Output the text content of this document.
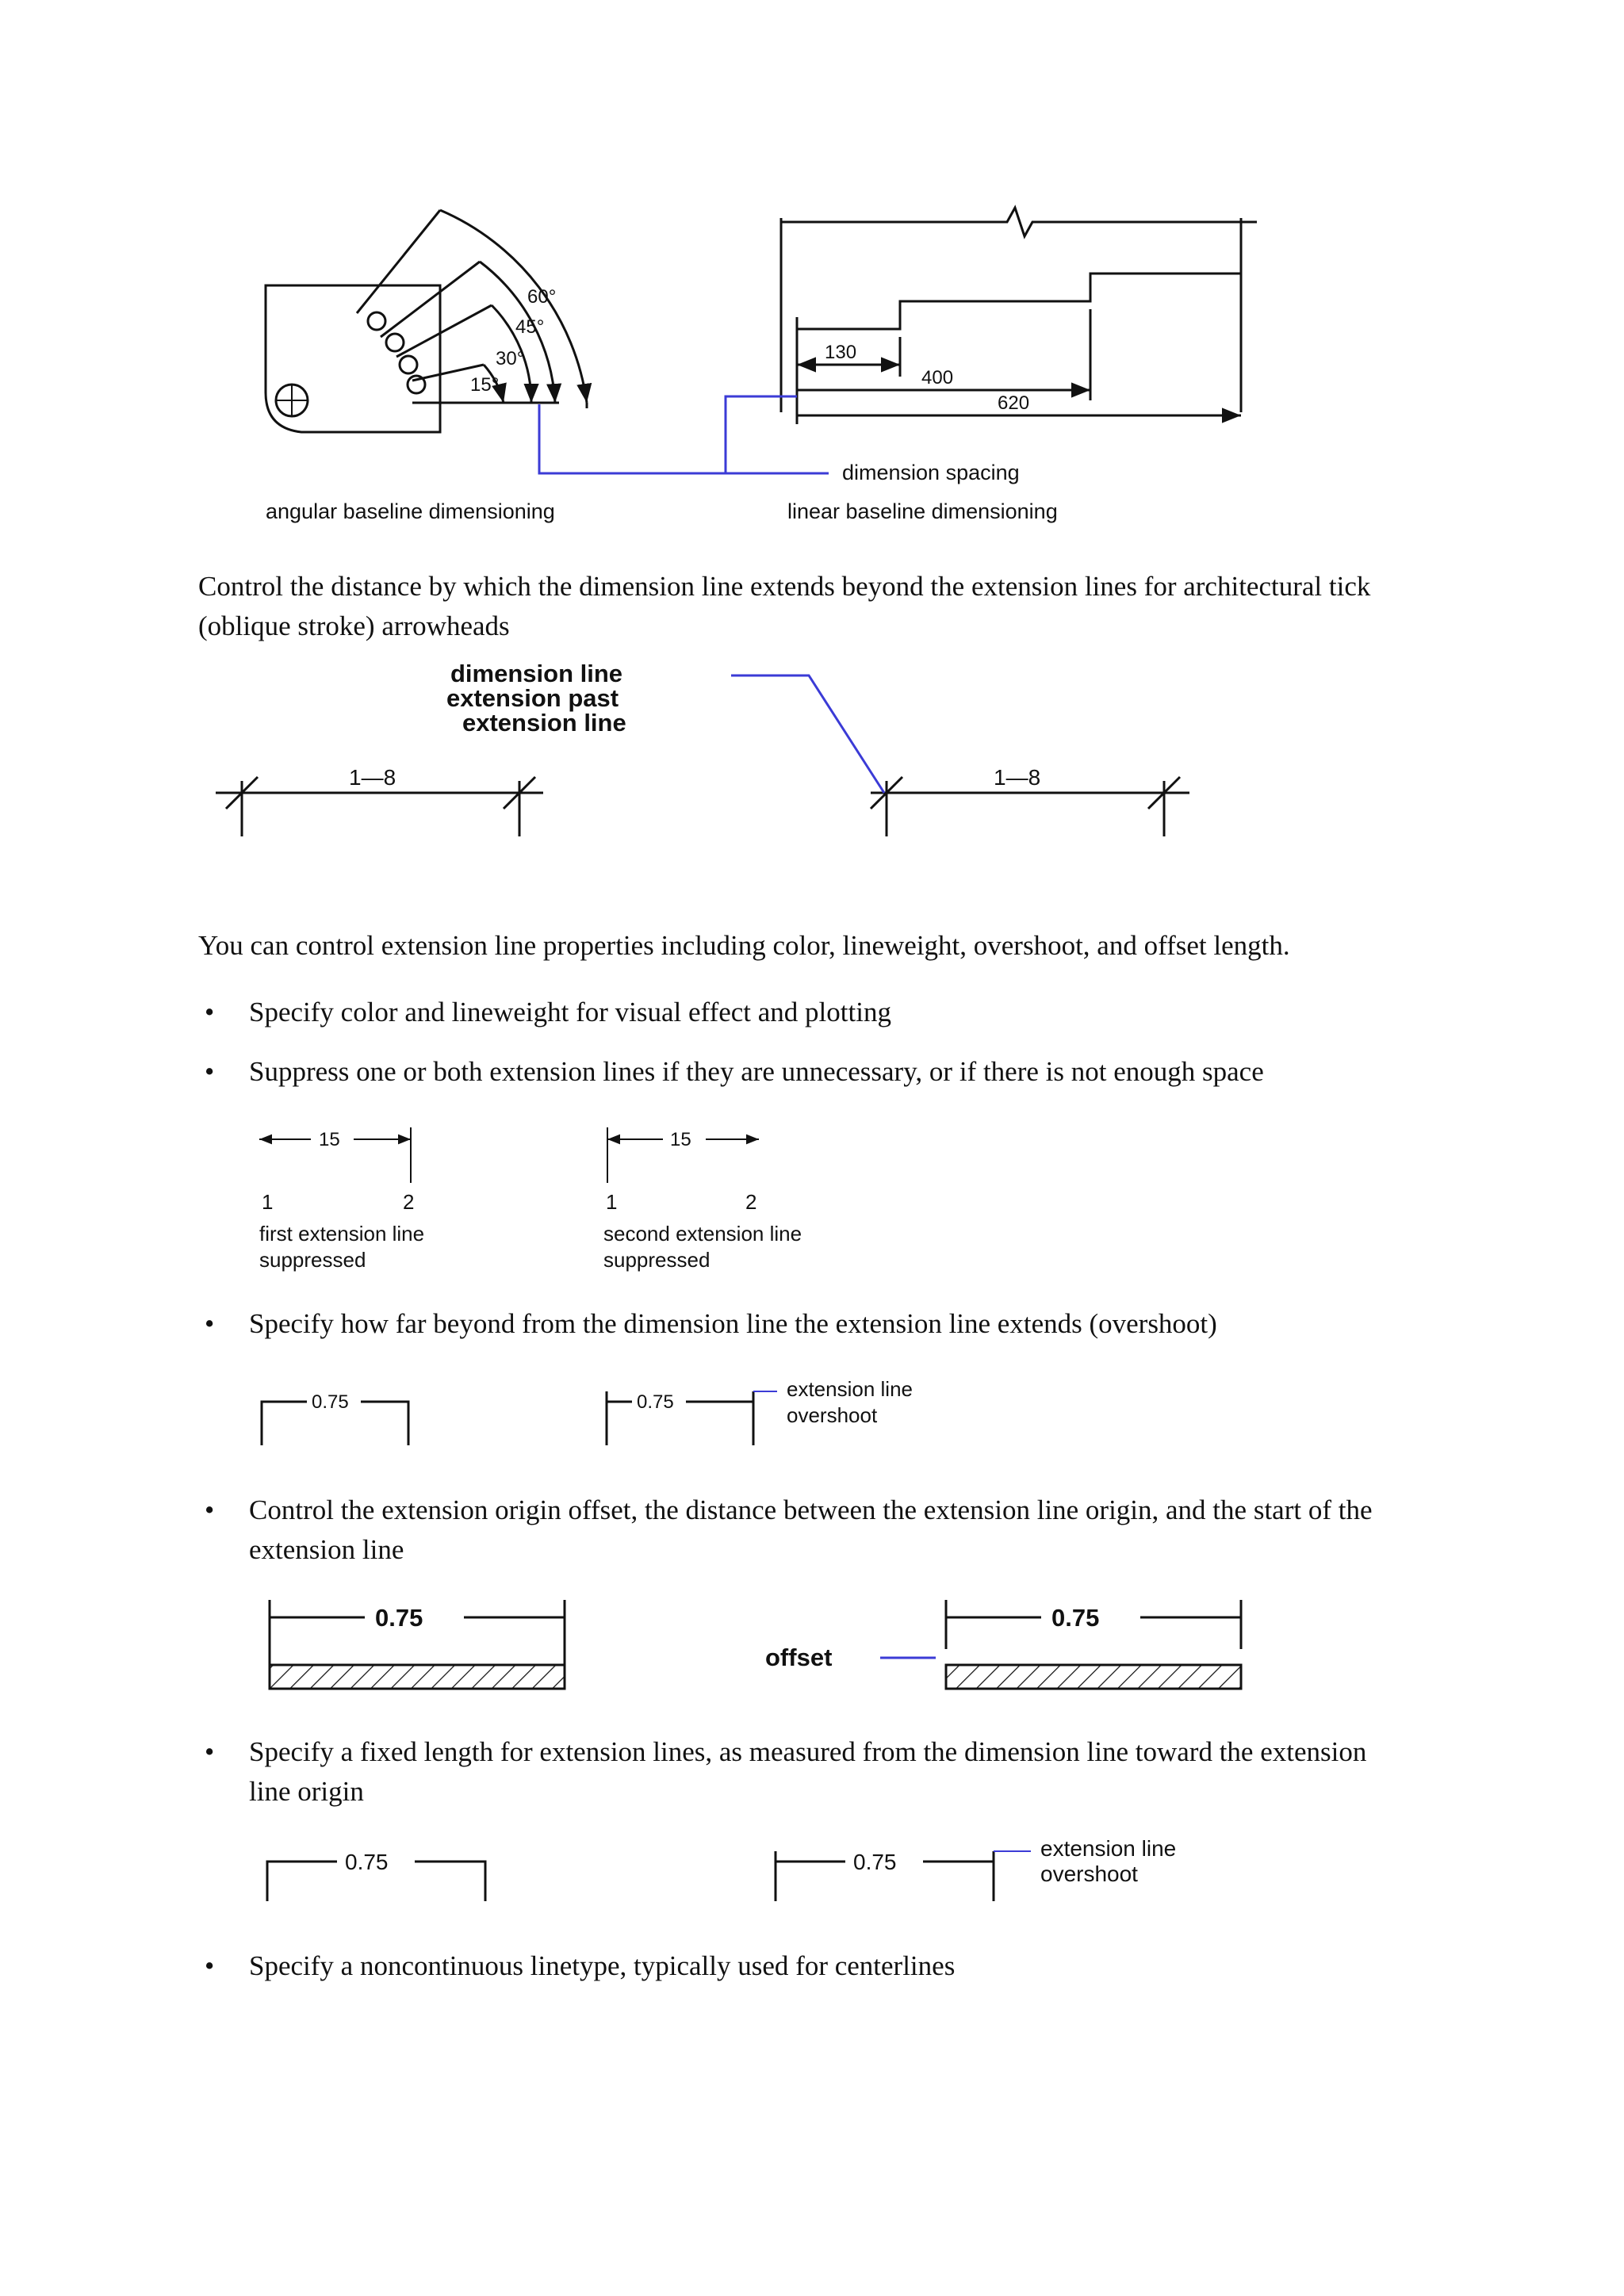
60°
45°
30°
15°
130
400
620
dimension spacing
angular baseline dimensioning	linear baseline dimensioning
dimension line
extension past
extension line
1—8	1—8
15	15
1	2	1	2
first extension line
suppressed
second extension line
suppressed
0.75	0.75
extension line
overshoot
0.75	0.75
offset
0.75	0.75
extension line
overshoot

Control the distance by which the dimension line extends beyond the extension lines for architectural tick (oblique stroke) arrowheads

You can control extension line properties including color, lineweight, overshoot, and offset length.

• Specify color and lineweight for visual effect and plotting

• Suppress one or both extension lines if they are unnecessary, or if there is not enough space

• Specify how far beyond from the dimension line the extension line extends (overshoot)

• Control the extension origin offset, the distance between the extension line origin, and the start of the extension line

• Specify a fixed length for extension lines, as measured from the dimension line toward the extension line origin

• Specify a noncontinuous linetype, typically used for centerlines
